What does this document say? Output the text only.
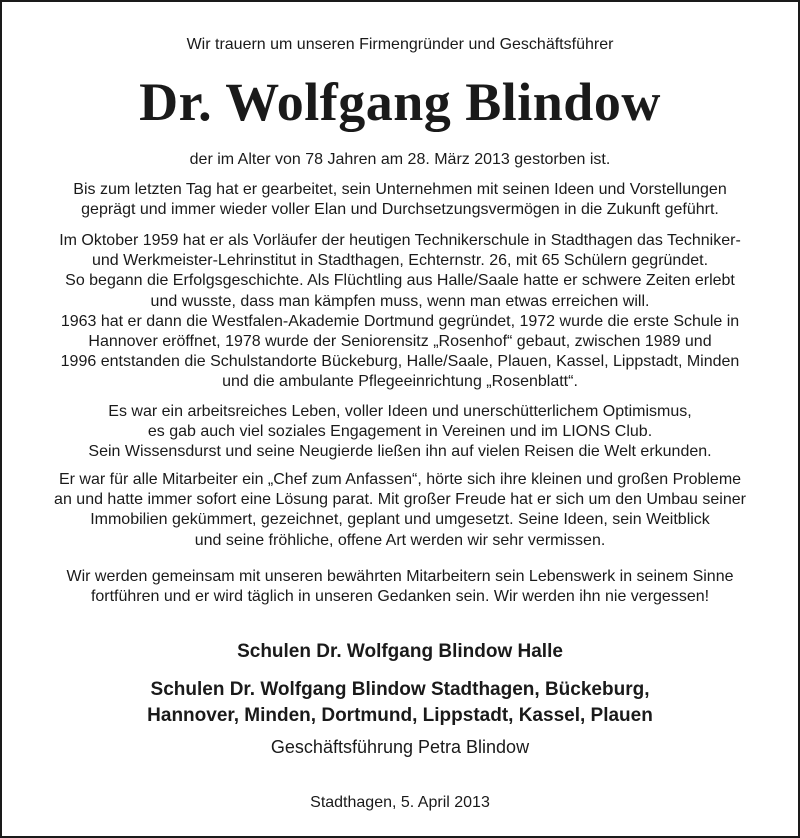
Wir trauern um unseren Firmengründer und Geschäftsführer
Dr. Wolfgang Blindow
der im Alter von 78 Jahren am 28. März 2013 gestorben ist.
Bis zum letzten Tag hat er gearbeitet, sein Unternehmen mit seinen Ideen und Vorstellungen
geprägt und immer wieder voller Elan und Durchsetzungsvermögen in die Zukunft geführt.
Im Oktober 1959 hat er als Vorläufer der heutigen Technikerschule in Stadthagen das Techniker-
und Werkmeister-Lehrinstitut in Stadthagen, Echternstr. 26, mit 65 Schülern gegründet.
So begann die Erfolgsgeschichte. Als Flüchtling aus Halle/Saale hatte er schwere Zeiten erlebt
und wusste, dass man kämpfen muss, wenn man etwas erreichen will.
1963 hat er dann die Westfalen-Akademie Dortmund gegründet, 1972 wurde die erste Schule in
Hannover eröffnet, 1978 wurde der Seniorensitz „Rosenhof“ gebaut, zwischen 1989 und
1996 entstanden die Schulstandorte Bückeburg, Halle/Saale, Plauen, Kassel, Lippstadt, Minden
und die ambulante Pflegeeinrichtung „Rosenblatt“.
Es war ein arbeitsreiches Leben, voller Ideen und unerschütterlichem Optimismus,
es gab auch viel soziales Engagement in Vereinen und im LIONS Club.
Sein Wissensdurst und seine Neugierde ließen ihn auf vielen Reisen die Welt erkunden.
Er war für alle Mitarbeiter ein „Chef zum Anfassen“, hörte sich ihre kleinen und großen Probleme
an und hatte immer sofort eine Lösung parat. Mit großer Freude hat er sich um den Umbau seiner
Immobilien gekümmert, gezeichnet, geplant und umgesetzt. Seine Ideen, sein Weitblick
und seine fröhliche, offene Art werden wir sehr vermissen.
Wir werden gemeinsam mit unseren bewährten Mitarbeitern sein Lebenswerk in seinem Sinne
fortführen und er wird täglich in unseren Gedanken sein. Wir werden ihn nie vergessen!
Schulen Dr. Wolfgang Blindow Halle
Schulen Dr. Wolfgang Blindow Stadthagen, Bückeburg,
Hannover, Minden, Dortmund, Lippstadt, Kassel, Plauen
Geschäftsführung Petra Blindow
Stadthagen, 5. April 2013
